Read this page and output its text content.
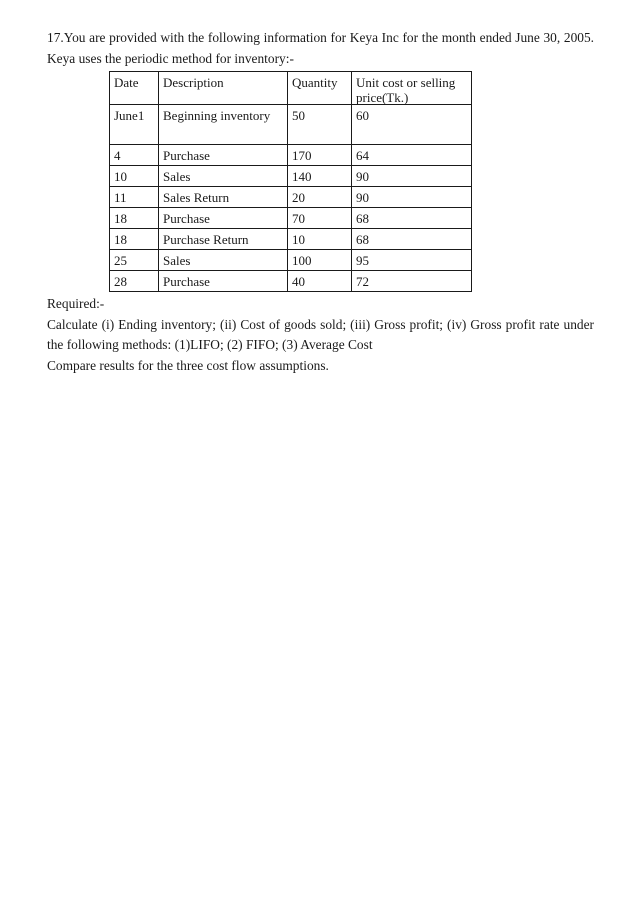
17.You are provided with the following information for Keya Inc for the month ended June 30, 2005. Keya uses the periodic method for inventory:-

Date	Description	Quantity	Unit cost or selling
price(Tk.)

June1	Beginning inventory	50	60
4	Purchase	170	64
10	Sales	140	90
11	Sales Return	20	90
18	Purchase	70	68
18	Purchase Return	10	68
25	Sales	100	95
28	Purchase	40	72

Required:-

Calculate (i) Ending inventory; (ii) Cost of goods sold; (iii) Gross profit; (iv) Gross profit rate under the following methods: (1)LIFO; (2) FIFO; (3) Average Cost

Compare results for the three cost flow assumptions.
